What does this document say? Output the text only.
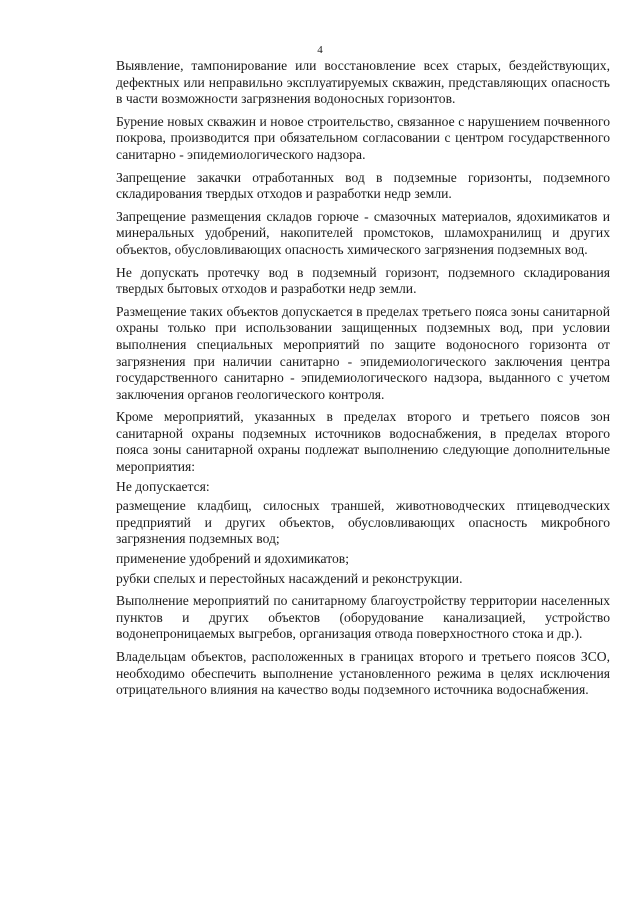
4

Выявление, тампонирование или восстановление всех старых, бездействующих, дефектных или неправильно эксплуатируемых скважин, представляющих опасность в части возможности загрязнения водоносных горизонтов.

Бурение новых скважин и новое строительство, связанное с нарушением почвенного покрова, производится при обязательном согласовании с центром государственного санитарно - эпидемиологического надзора.

Запрещение закачки отработанных вод в подземные горизонты, подземного складирования твердых отходов и разработки недр земли.

Запрещение размещения складов горюче - смазочных материалов, ядохимикатов и минеральных удобрений, накопителей промстоков, шламохранилищ и других объектов, обусловливающих опасность химического загрязнения подземных вод.

Не допускать протечку вод в подземный горизонт, подземного складирования твердых бытовых отходов и разработки недр земли.

Размещение таких объектов допускается в пределах третьего пояса зоны санитарной охраны только при использовании защищенных подземных вод, при условии выполнения специальных мероприятий по защите водоносного горизонта от загрязнения при наличии санитарно - эпидемиологического заключения центра государственного санитарно - эпидемиологического надзора, выданного с учетом заключения органов геологического контроля.

Кроме мероприятий, указанных в пределах второго и третьего поясов зон санитарной охраны подземных источников водоснабжения, в пределах второго пояса зоны санитарной охраны подлежат выполнению следующие дополнительные мероприятия:

Не допускается:

размещение кладбищ, силосных траншей, животноводческих птицеводческих предприятий и других объектов, обусловливающих опасность микробного загрязнения подземных вод;

применение удобрений и ядохимикатов;

рубки спелых и перестойных насаждений и реконструкции.

Выполнение мероприятий по санитарному благоустройству территории населенных пунктов и других объектов (оборудование канализацией, устройство водонепроницаемых выгребов, организация отвода поверхностного стока и др.).

Владельцам объектов, расположенных в границах второго и третьего поясов ЗСО, необходимо обеспечить выполнение установленного режима в целях исключения отрицательного влияния на качество воды подземного источника водоснабжения.
